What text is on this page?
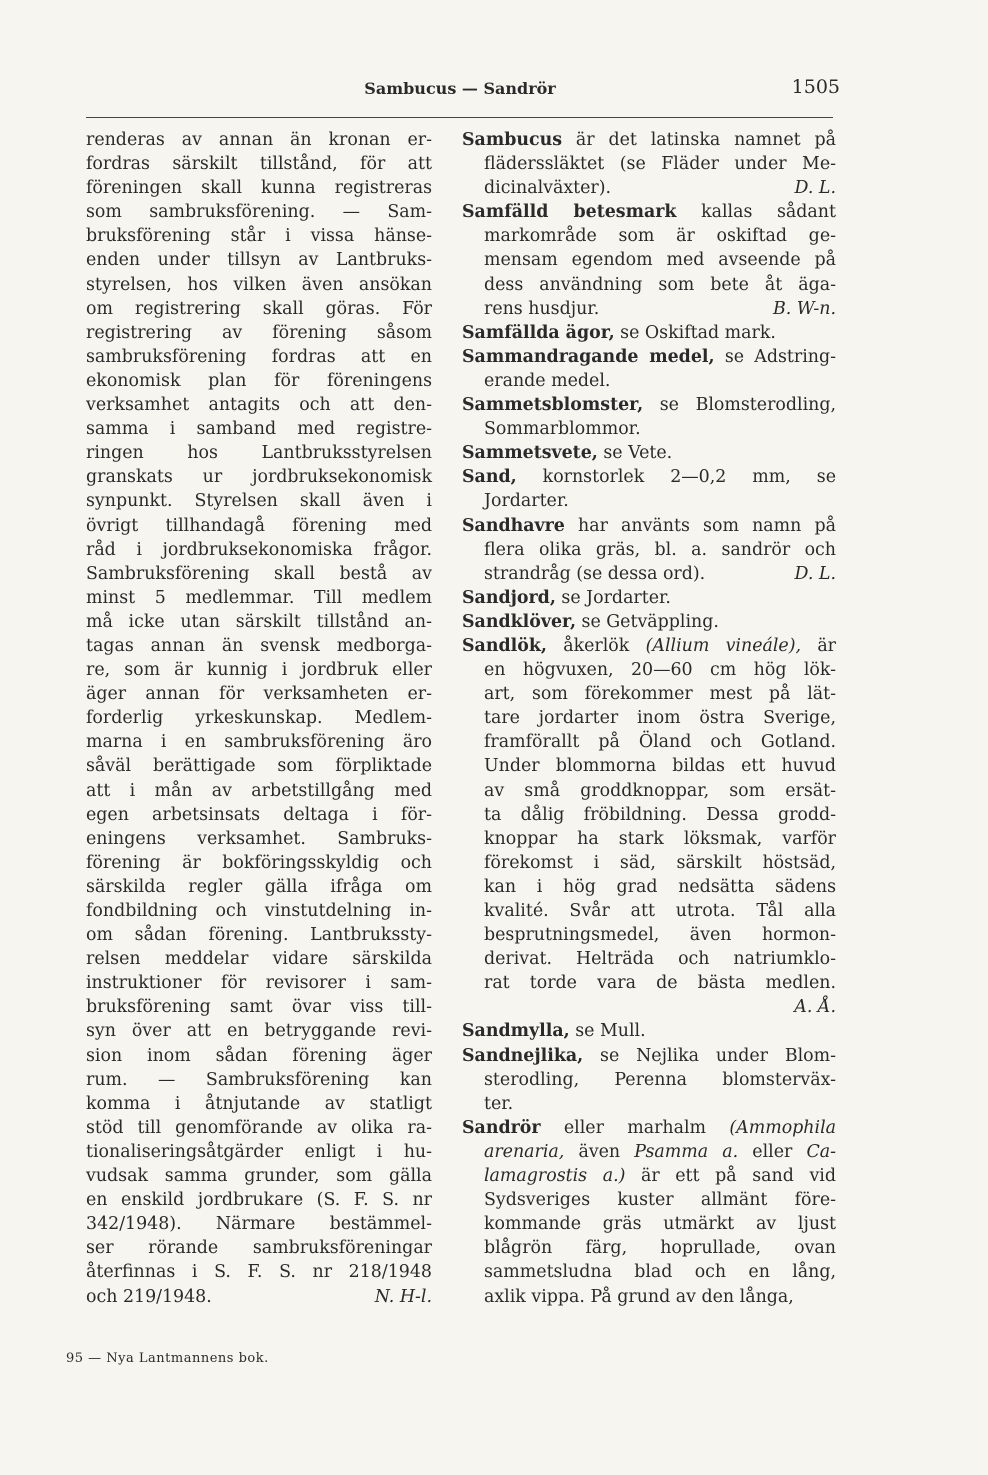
Sambucus — Sandrör	1505
renderas av annan än kronan er-
fordras särskilt tillstånd, för att
föreningen skall kunna registreras
som sambruksförening. — Sam-
bruksförening står i vissa hänse-
enden under tillsyn av Lantbruks-
styrelsen, hos vilken även ansökan
om registrering skall göras. För
registrering av förening såsom
sambruksförening fordras att en
ekonomisk plan för föreningens
verksamhet antagits och att den-
samma i samband med registre-
ringen hos Lantbruksstyrelsen
granskats ur jordbruksekonomisk
synpunkt. Styrelsen skall även i
övrigt tillhandagå förening med
råd i jordbruksekonomiska frågor.
Sambruksförening skall bestå av
minst 5 medlemmar. Till medlem
må icke utan särskilt tillstånd an-
tagas annan än svensk medborga-
re, som är kunnig i jordbruk eller
äger annan för verksamheten er-
forderlig yrkeskunskap. Medlem-
marna i en sambruksförening äro
såväl berättigade som förpliktade
att i mån av arbetstillgång med
egen arbetsinsats deltaga i för-
eningens verksamhet. Sambruks-
förening är bokföringsskyldig och
särskilda regler gälla ifråga om
fondbildning och vinstutdelning in-
om sådan förening. Lantbrukssty-
relsen meddelar vidare särskilda
instruktioner för revisorer i sam-
bruksförening samt övar viss till-
syn över att en betryggande revi-
sion inom sådan förening äger
rum. — Sambruksförening kan
komma i åtnjutande av statligt
stöd till genomförande av olika ra-
tionaliseringsåtgärder enligt i hu-
vudsak samma grunder, som gälla
en enskild jordbrukare (S. F. S. nr
342/1948). Närmare bestämmel-
ser rörande sambruksföreningar
återfinnas i S. F. S. nr 218/1948
och 219/1948.	N. H-l.
Sambucus är det latinska namnet på
fläderssläktet (se Fläder under Me-
dicinalväxter).	D. L.
Samfälld betesmark kallas sådant
markområde som är oskiftad ge-
mensam egendom med avseende på
dess användning som bete åt äga-
rens husdjur.	B. W-n.
Samfällda ägor, se Oskiftad mark.
Sammandragande medel, se Adstring-
erande medel.
Sammetsblomster, se Blomsterodling,
Sommarblommor.
Sammetsvete, se Vete.
Sand, kornstorlek 2—0,2 mm, se
Jordarter.
Sandhavre har använts som namn på
flera olika gräs, bl. a. sandrör och
strandråg (se dessa ord).	D. L.
Sandjord, se Jordarter.
Sandklöver, se Getväppling.
Sandlök, åkerlök (Allium vineále), är
en högvuxen, 20—60 cm hög lök-
art, som förekommer mest på lät-
tare jordarter inom östra Sverige,
framförallt på Öland och Gotland.
Under blommorna bildas ett huvud
av små groddknoppar, som ersät-
ta dålig fröbildning. Dessa grodd-
knoppar ha stark löksmak, varför
förekomst i säd, särskilt höstsäd,
kan i hög grad nedsätta sädens
kvalité. Svår att utrota. Tål alla
besprutningsmedel, även hormon-
derivat. Helträda och natriumklo-
rat torde vara de bästa medlen.
A. Å.
Sandmylla, se Mull.
Sandnejlika, se Nejlika under Blom-
sterodling, Perenna blomsterväx-
ter.
Sandrör eller marhalm (Ammophila
arenaria, även Psamma a. eller Ca-
lamagrostis a.) är ett på sand vid
Sydsveriges kuster allmänt före-
kommande gräs utmärkt av ljust
blågrön färg, hoprullade, ovan
sammetsludna blad och en lång,
axlik vippa. På grund av den långa,
95 — Nya Lantmannens bok.
